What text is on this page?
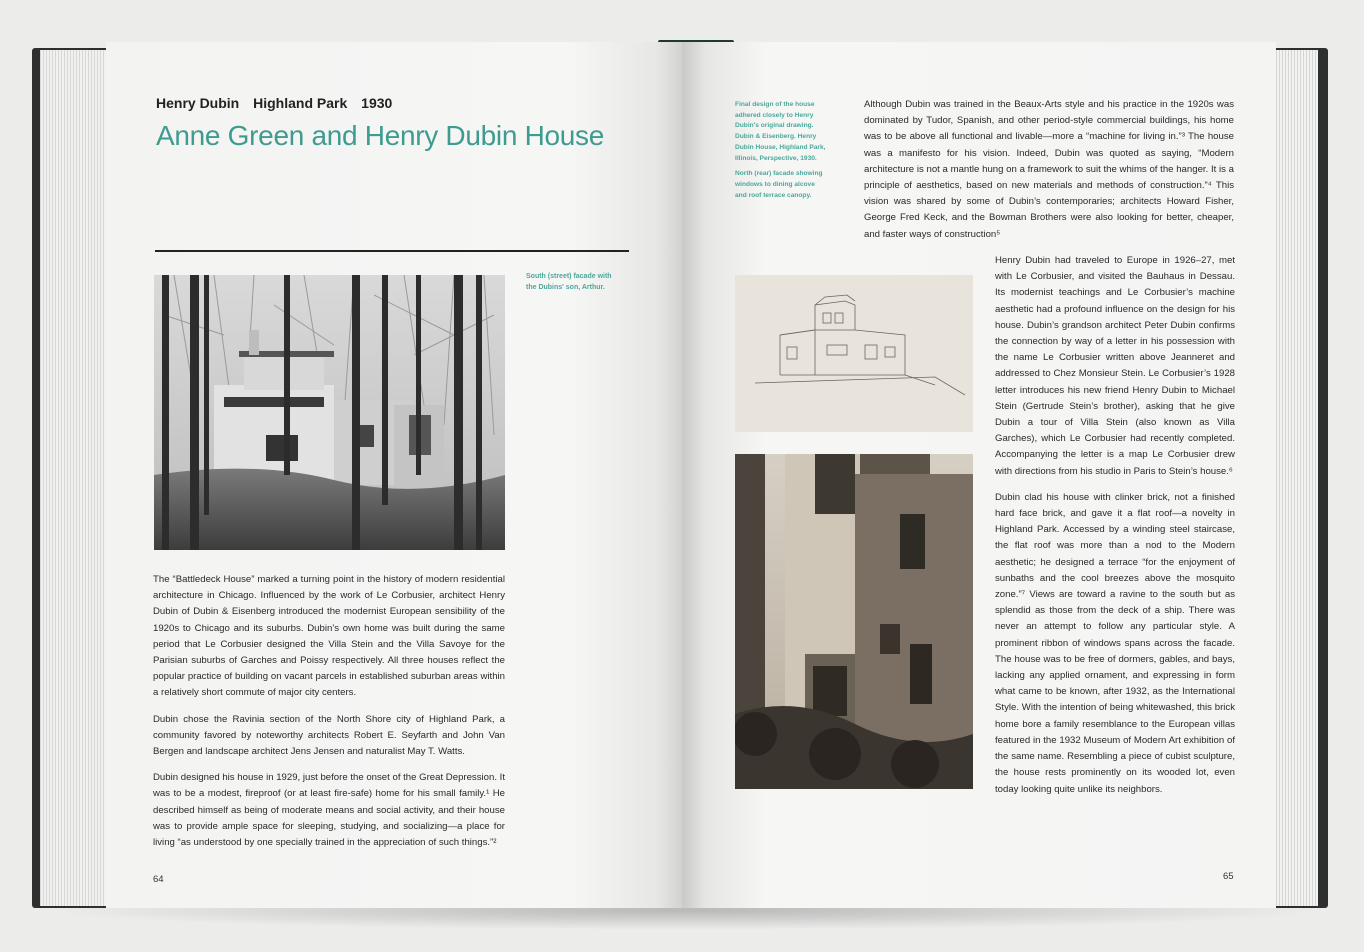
Henry Dubin Highland Park 1930
Anne Green and Henry Dubin House
South (street) facade with
the Dubins' son, Arthur.

The “Battledeck House” marked a turning point in the history of modern residential architecture in Chicago. Influenced by the work of Le Corbusier, architect Henry Dubin of Dubin & Eisenberg introduced the modernist European sensibility of the 1920s to Chicago and its suburbs. Dubin’s own home was built during the same period that Le Corbusier designed the Villa Stein and the Villa Savoye for the Parisian suburbs of Garches and Poissy respectively. All three houses reflect the popular practice of building on vacant parcels in established suburban areas within a relatively short commute of major city centers.

Dubin chose the Ravinia section of the North Shore city of Highland Park, a community favored by noteworthy architects Robert E. Seyfarth and John Van Bergen and landscape architect Jens Jensen and naturalist May T. Watts.

Dubin designed his house in 1929, just before the onset of the Great Depression. It was to be a modest, fireproof (or at least fire-safe) home for his small family.¹ He described himself as being of moderate means and social activity, and their house was to provide ample space for sleeping, studying, and socializing—a place for living “as understood by one specially trained in the appreciation of such things.”²

64
Final design of the house
adhered closely to Henry
Dubin's original drawing.
Dubin & Eisenberg. Henry
Dubin House, Highland Park,
Illinois, Perspective, 1930.
North (rear) facade showing
windows to dining alcove
and roof terrace canopy.

Although Dubin was trained in the Beaux-Arts style and his practice in the 1920s was dominated by Tudor, Spanish, and other period-style commercial buildings, his home was to be above all functional and livable—more a “machine for living in.”³ The house was a manifesto for his vision. Indeed, Dubin was quoted as saying, “Modern architecture is not a mantle hung on a framework to suit the whims of the hanger. It is a principle of aesthetics, based on new materials and methods of construction.”⁴ This vision was shared by some of Dubin’s contemporaries; architects Howard Fisher, George Fred Keck, and the Bowman Brothers were also looking for better, cheaper, and faster ways of construction⁵

Henry Dubin had traveled to Europe in 1926–27, met with Le Corbusier, and visited the Bauhaus in Dessau. Its modernist teachings and Le Corbusier’s machine aesthetic had a profound influence on the design for his house. Dubin’s grandson architect Peter Dubin confirms the connection by way of a letter in his possession with the name Le Corbusier written above Jeanneret and addressed to Chez Monsieur Stein. Le Corbusier’s 1928 letter introduces his new friend Henry Dubin to Michael Stein (Gertrude Stein’s brother), asking that he give Dubin a tour of Villa Stein (also known as Villa Garches), which Le Corbusier had recently completed. Accompanying the letter is a map Le Corbusier drew with directions from his studio in Paris to Stein’s house.⁶

Dubin clad his house with clinker brick, not a finished hard face brick, and gave it a flat roof—a novelty in Highland Park. Accessed by a winding steel staircase, the flat roof was more than a nod to the Modern aesthetic; he designed a terrace “for the enjoyment of sunbaths and the cool breezes above the mosquito zone.”⁷ Views are toward a ravine to the south but as splendid as those from the deck of a ship. There was never an attempt to follow any particular style. A prominent ribbon of windows spans across the facade. The house was to be free of dormers, gables, and bays, lacking any applied ornament, and expressing in form what came to be known, after 1932, as the International Style. With the intention of being whitewashed, this brick home bore a family resemblance to the European villas featured in the 1932 Museum of Modern Art exhibition of the same name. Resembling a piece of cubist sculpture, the house rests prominently on its wooded lot, even today looking quite unlike its neighbors.

65
